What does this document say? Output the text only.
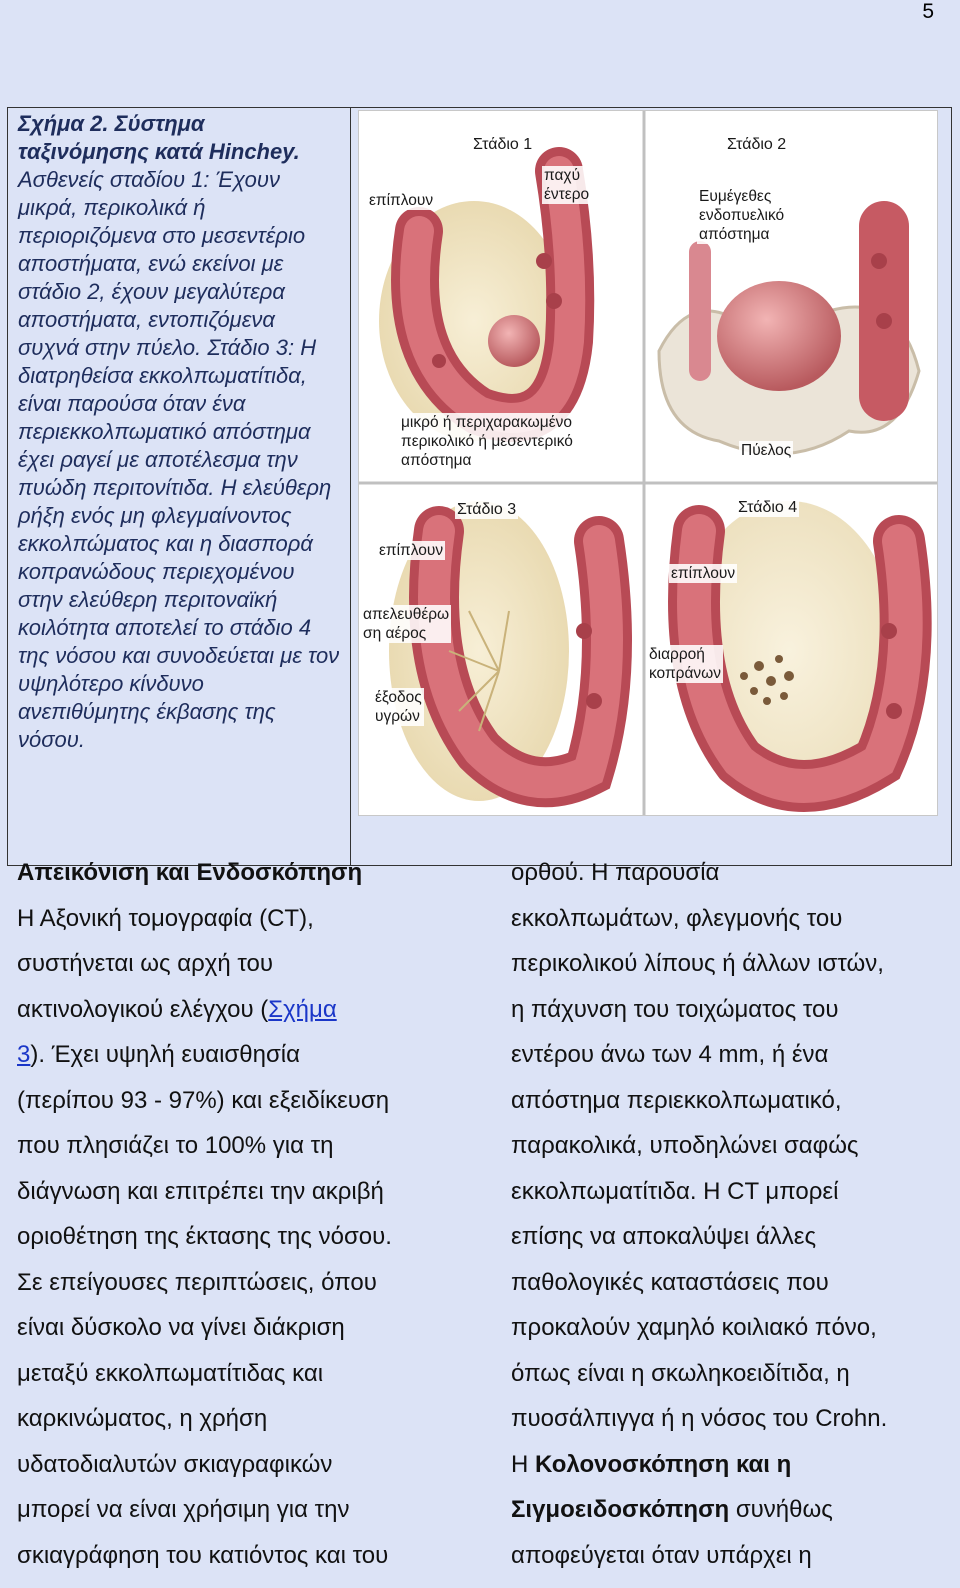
5
Σχήμα 2. Σύστημα ταξινόμησης κατά Hinchey. Ασθενείς σταδίου 1: Έχουν μικρά, περικολικά ή περιοριζόμενα στο μεσεντέριο αποστήματα, ενώ εκείνοι με στάδιο 2, έχουν μεγαλύτερα αποστήματα, εντοπιζόμενα συχνά στην πύελο. Στάδιο 3: Η διατρηθείσα εκκολπωματίτιδα, είναι παρούσα όταν ένα περιεκκολπωματικό απόστημα έχει ραγεί με αποτέλεσμα την πυώδη περιτονίτιδα. Η ελεύθερη ρήξη ενός μη φλεγμαίνοντος εκκολπώματος και η διασπορά κοπρανώδους περιεχομένου στην ελεύθερη περιτοναϊκή κοιλότητα αποτελεί το στάδιο 4 της νόσου και συνοδεύεται με τον υψηλότερο κίνδυνο ανεπιθύμητης έκβασης της νόσου.
Στάδιο 1	Στάδιο 2
Στάδιο 3	Στάδιο 4
επίπλουν
παχύ
έντερο
μικρό ή περιχαρακωμένο
περικολικό ή μεσεντερικό
απόστημα
Ευμέγεθες
ενδοπυελικό
απόστημα
Πύελος
επίπλουν
απελευθέρω
ση αέρος
έξοδος
υγρών
επίπλουν
διαρροή
κοπράνων
Απεικόνιση και Ενδοσκόπηση
Η Αξονική τομογραφία (CT),
συστήνεται ως αρχή του
ακτινολογικού ελέγχου (Σχήμα
3). Έχει υψηλή ευαισθησία
(περίπου 93 - 97%) και εξειδίκευση
που πλησιάζει το 100% για τη
διάγνωση και επιτρέπει την ακριβή
οριοθέτηση της έκτασης της νόσου.
Σε επείγουσες περιπτώσεις, όπου
είναι δύσκολο να γίνει διάκριση
μεταξύ εκκολπωματίτιδας και
καρκινώματος, η χρήση
υδατοδιαλυτών σκιαγραφικών
μπορεί να είναι χρήσιμη για την
σκιαγράφηση του κατιόντος και του
ορθού. Η παρουσία
εκκολπωμάτων, φλεγμονής του
περικολικού λίπους ή άλλων ιστών,
η πάχυνση του τοιχώματος του
εντέρου άνω των 4 mm, ή ένα
απόστημα περιεκκολπωματικό,
παρακολικά, υποδηλώνει σαφώς
εκκολπωματίτιδα. Η CT μπορεί
επίσης να αποκαλύψει άλλες
παθολογικές καταστάσεις που
προκαλούν χαμηλό κοιλιακό πόνο,
όπως είναι η σκωληκοειδίτιδα, η
πυοσάλπιγγα ή η νόσος του Crohn.
Η Κολονοσκόπηση και η
Σιγμοειδοσκόπηση συνήθως
αποφεύγεται όταν υπάρχει η
